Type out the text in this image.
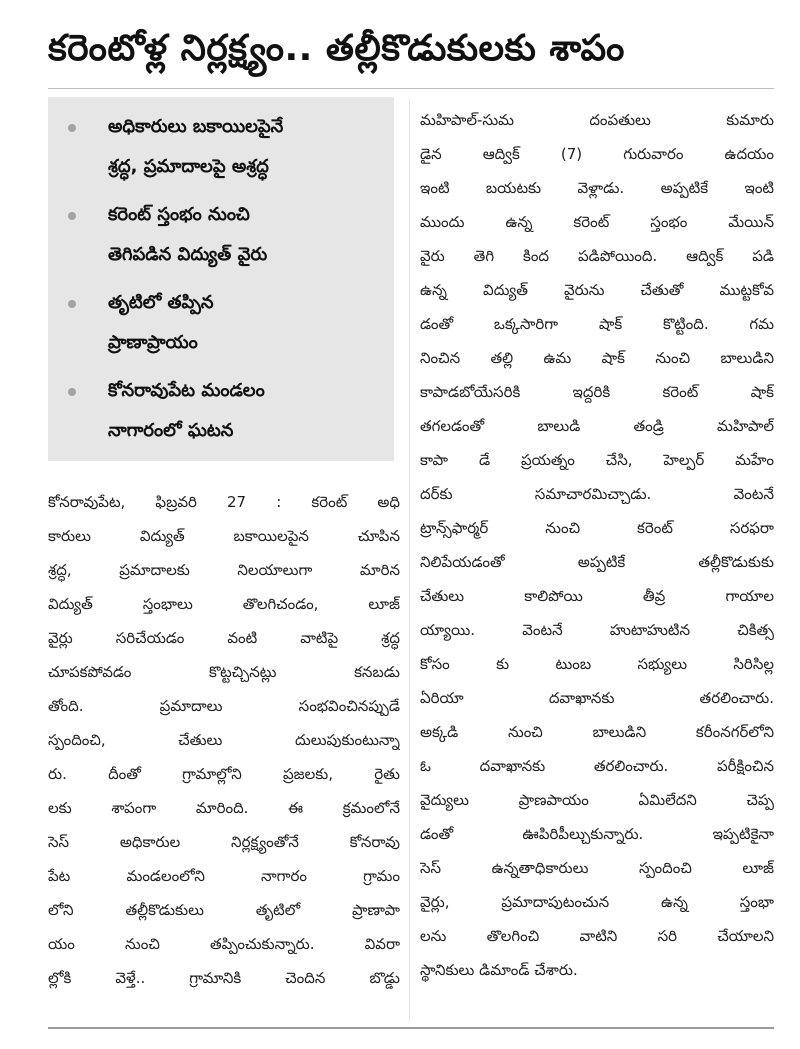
కరెంటోళ్ల నిర్లక్ష్యం.. తల్లీకొడుకులకు శాపం
అధికారులు బకాయిలపైనే
శ్రద్ధ, ప్రమాదాలపై అశ్రద్ధ
కరెంట్ స్తంభం నుంచి
తెగిపడిన విద్యుత్ వైరు
తృటిలో తప్పిన
ప్రాణాప్రాయం
కోనరావుపేట మండలం
నాగారంలో ఘటన
కోనరావుపేట, ఫిబ్రవరి 27 : కరెంట్ అధి
కారులు విద్యుత్ బకాయిలపైన చూపిన
శ్రద్ధ, ప్రమాదాలకు నిలయాలుగా మారిన
విద్యుత్ స్తంభాలు తొలగిచండం, లూజ్
వైర్లు సరిచేయడం వంటి వాటిపై శ్రద్ధ
చూపకపోవడం కొట్టచ్చినట్లు కనబడు
తోంది. ప్రమాదాలు సంభవించినప్పుడే
స్పందించి, చేతులు దులుపుకుంటున్నా
రు. దీంతో గ్రామాల్లోని ప్రజలకు, రైతు
లకు శాపంగా మారింది. ఈ క్రమంలోనే
సెస్ అధికారుల నిర్లక్ష్యంతోనే కోనరావు
పేట మండలంలోని నాగారం గ్రామం
లోని తల్లీకొడుకులు తృటిలో ప్రాణాపా
యం నుంచి తప్పించుకున్నారు. వివరా
ల్లోకి వెళ్తే.. గ్రామానికి చెందిన బొడ్డు
మహిపాల్-సుమ దంపతులు కుమారు
డైన ఆద్విక్ (7) గురువారం ఉదయం
ఇంటి బయటకు వెళ్లాడు. అప్పటికే ఇంటి
ముందు ఉన్న కరెంట్ స్తంభం మేయిన్
వైరు తెగి కింద పడిపోయింది. ఆద్విక్ పడి
ఉన్న విద్యుత్ వైరును చేతుతో ముట్టకోవ
డంతో ఒక్కసారిగా షాక్ కొట్టింది. గమ
నించిన తల్లి ఉమ షాక్ నుంచి బాలుడిని
కాపాడబోయేసరికి ఇద్దరికి కరెంట్ షాక్
తగలడంతో బాలుడి తండ్రి మహిపాల్
కాపా డే ప్రయత్నం చేసి, హెల్పర్ మహేం
దర్‌కు సమాచారమిచ్చాడు. వెంటనే
ట్రాన్స్‌ఫార్మర్ నుంచి కరెంట్ సరఫరా
నిలిపేయడంతో అప్పటికే తల్లీకొడుకుకు
చేతులు కాలిపోయి తీవ్ర గాయాల
య్యాయి. వెంటనే హుటాహుటిన చికిత్స
కోసం కు టుంబ సభ్యులు సిరిసిల్ల
ఏరియా దవాఖానకు తరలించారు.
అక్కడి నుంచి బాలుడిని కరీంనగర్‌లోని
ఓ దవాఖానకు తరలించారు. పరీక్షించిన
వైద్యులు ప్రాణపాయం ఏమిలేదని చెప్ప
డంతో ఊపిరిపీల్చుకున్నారు. ఇప్పటికైనా
సెస్ ఉన్నతాధికారులు స్పందించి లూజ్
వైర్లు, ప్రమాదాపుటంచున ఉన్న స్తంభా
లను తొలగించి వాటిని సరి చేయాలని
స్థానికులు డిమాండ్ చేశారు.
